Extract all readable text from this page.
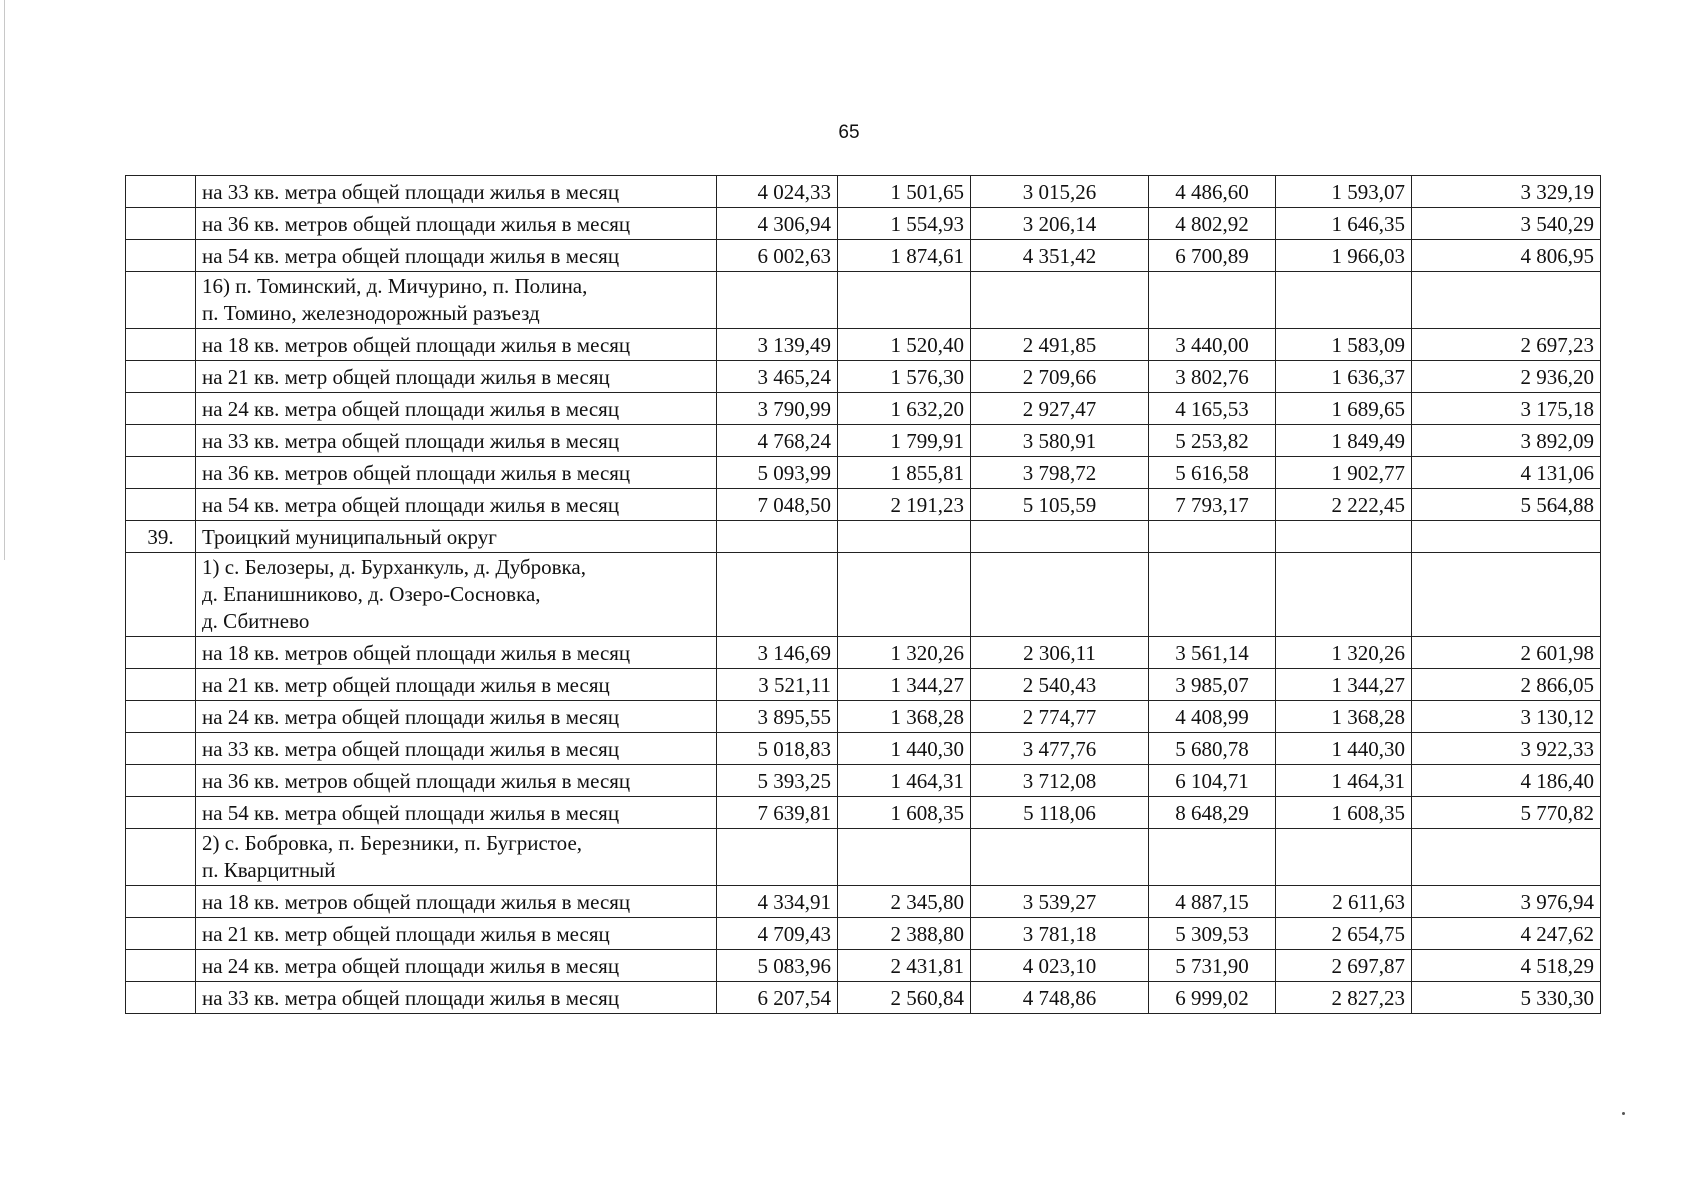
65

	на 33 кв. метра общей площади жилья в месяц	4 024,33	1 501,65	3 015,26	4 486,60	1 593,07	3 329,19

	на 36 кв. метров общей площади жилья в месяц	4 306,94	1 554,93	3 206,14	4 802,92	1 646,35	3 540,29

	на 54 кв. метра общей площади жилья в месяц	6 002,63	1 874,61	4 351,42	6 700,89	1 966,03	4 806,95

	16) п. Томинский, д. Мичурино, п. Полина,
п. Томино, железнодорожный разъезд						

	на 18 кв. метров общей площади жилья в месяц	3 139,49	1 520,40	2 491,85	3 440,00	1 583,09	2 697,23

	на 21 кв. метр общей площади жилья в месяц	3 465,24	1 576,30	2 709,66	3 802,76	1 636,37	2 936,20

	на 24 кв. метра общей площади жилья в месяц	3 790,99	1 632,20	2 927,47	4 165,53	1 689,65	3 175,18

	на 33 кв. метра общей площади жилья в месяц	4 768,24	1 799,91	3 580,91	5 253,82	1 849,49	3 892,09

	на 36 кв. метров общей площади жилья в месяц	5 093,99	1 855,81	3 798,72	5 616,58	1 902,77	4 131,06

	на 54 кв. метра общей площади жилья в месяц	7 048,50	2 191,23	5 105,59	7 793,17	2 222,45	5 564,88
39.	Троицкий муниципальный округ						

	1) с. Белозеры, д. Бурханкуль, д. Дубровка,
д. Епанишниково, д. Озеро-Сосновка,
д. Сбитнево						

	на 18 кв. метров общей площади жилья в месяц	3 146,69	1 320,26	2 306,11	3 561,14	1 320,26	2 601,98

	на 21 кв. метр общей площади жилья в месяц	3 521,11	1 344,27	2 540,43	3 985,07	1 344,27	2 866,05

	на 24 кв. метра общей площади жилья в месяц	3 895,55	1 368,28	2 774,77	4 408,99	1 368,28	3 130,12

	на 33 кв. метра общей площади жилья в месяц	5 018,83	1 440,30	3 477,76	5 680,78	1 440,30	3 922,33

	на 36 кв. метров общей площади жилья в месяц	5 393,25	1 464,31	3 712,08	6 104,71	1 464,31	4 186,40

	на 54 кв. метра общей площади жилья в месяц	7 639,81	1 608,35	5 118,06	8 648,29	1 608,35	5 770,82

	2) с. Бобровка, п. Березники, п. Бугристое,
п. Кварцитный						

	на 18 кв. метров общей площади жилья в месяц	4 334,91	2 345,80	3 539,27	4 887,15	2 611,63	3 976,94

	на 21 кв. метр общей площади жилья в месяц	4 709,43	2 388,80	3 781,18	5 309,53	2 654,75	4 247,62

	на 24 кв. метра общей площади жилья в месяц	5 083,96	2 431,81	4 023,10	5 731,90	2 697,87	4 518,29

	на 33 кв. метра общей площади жилья в месяц	6 207,54	2 560,84	4 748,86	6 999,02	2 827,23	5 330,30
